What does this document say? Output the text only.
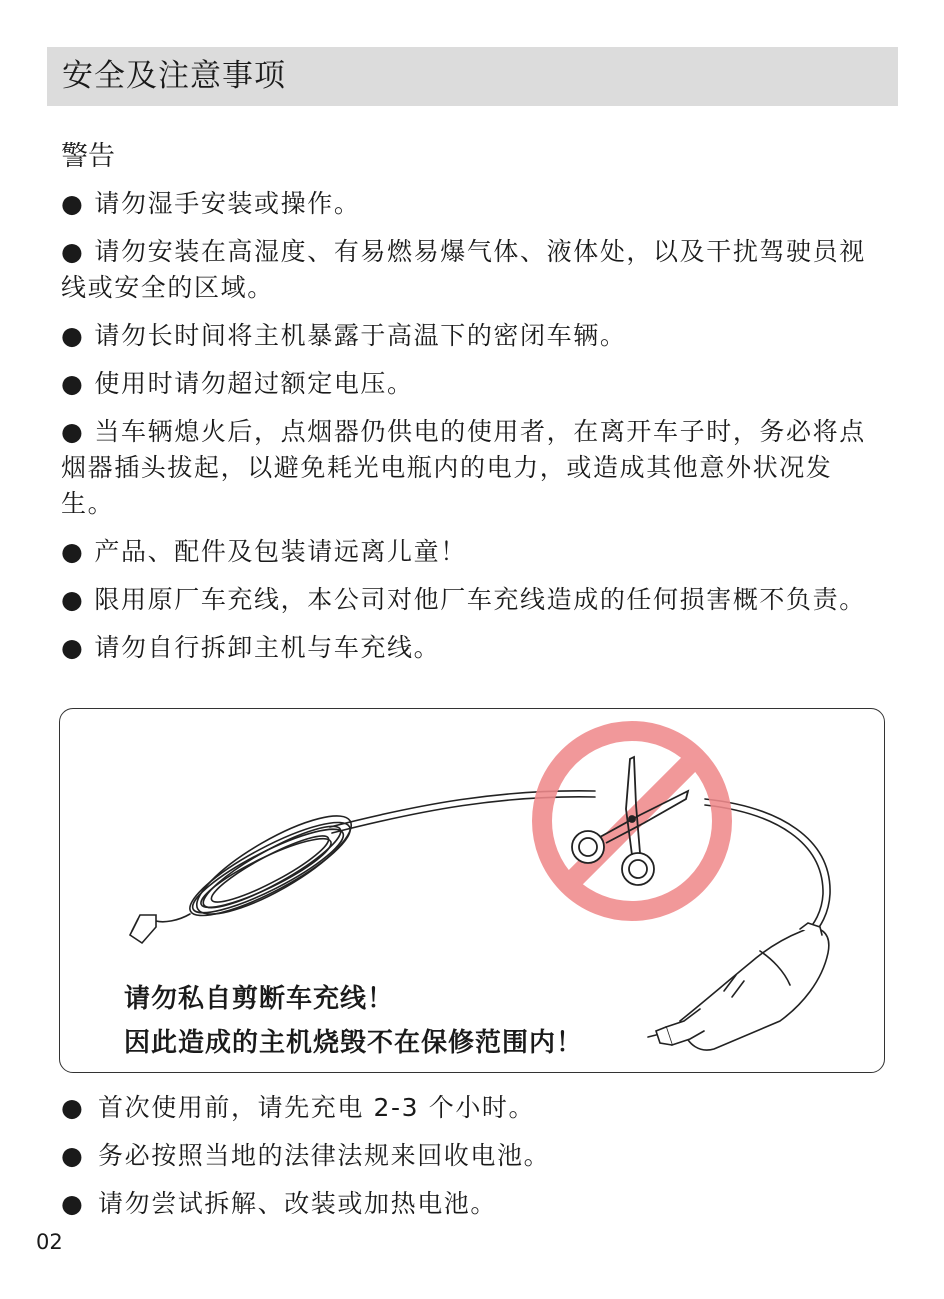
安全及注意事项
警告
● 请勿湿手安装或操作。
● 请勿安装在高湿度、有易燃易爆气体、液体处，以及干扰驾驶员视线或安全的区域。
● 请勿长时间将主机暴露于高温下的密闭车辆。
● 使用时请勿超过额定电压。
● 当车辆熄火后，点烟器仍供电的使用者，在离开车子时，务必将点烟器插头拔起，以避免耗光电瓶内的电力，或造成其他意外状况发生。
● 产品、配件及包装请远离儿童！
● 限用原厂车充线，本公司对他厂车充线造成的任何损害概不负责。
● 请勿自行拆卸主机与车充线。
请勿私自剪断车充线！
因此造成的主机烧毁不在保修范围内！
● 首次使用前，请先充电 2-3 个小时。
● 务必按照当地的法律法规来回收电池。
● 请勿尝试拆解、改装或加热电池。
02
